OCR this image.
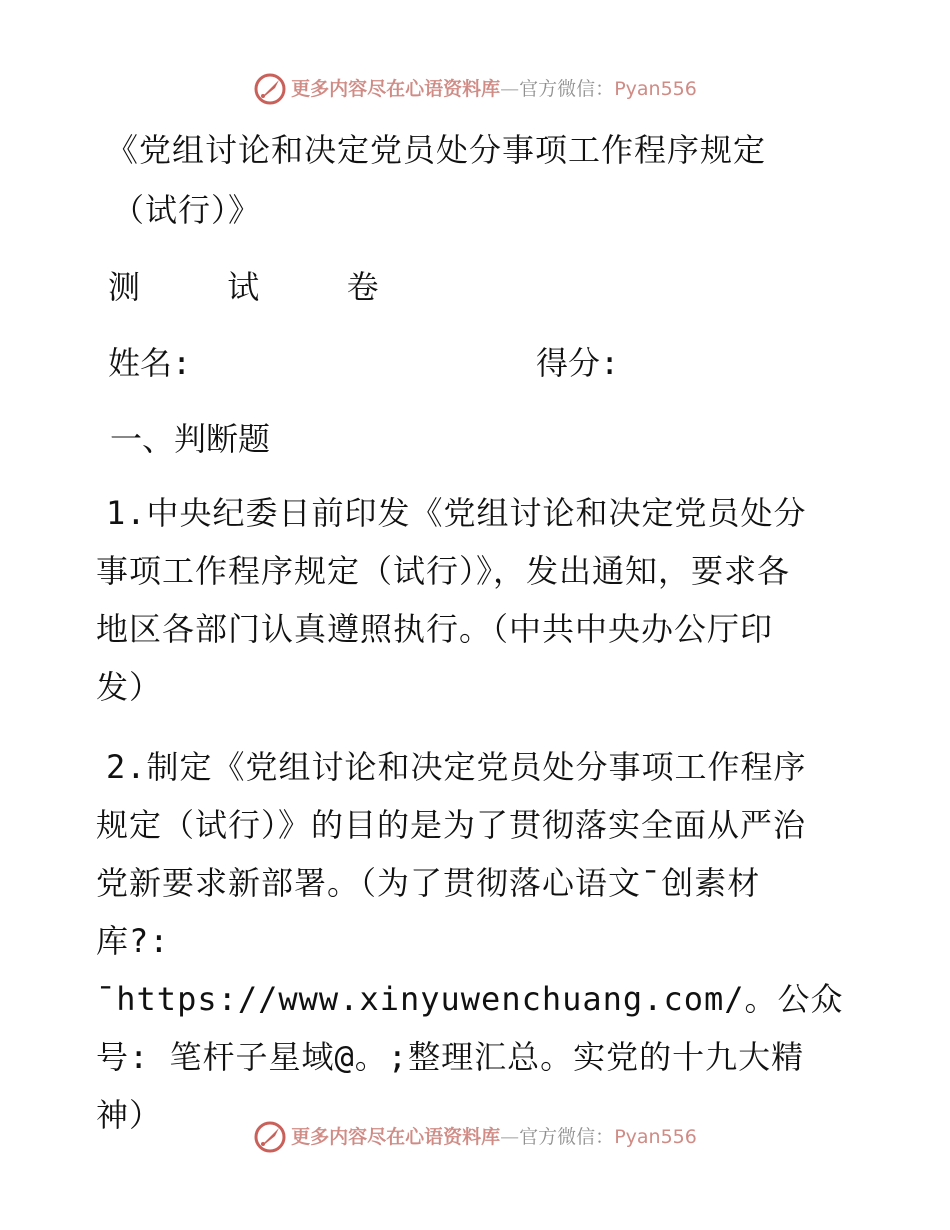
更多内容尽在心语资料库 — 官方微信： Pyan556
《党组讨论和决定党员处分事项工作程序规定
（试行）》
测	试	卷
姓名:	得分:
一、判断题
1.中央纪委日前印发《党组讨论和决定党员处分
事项工作程序规定（试行）》，发出通知，要求各
地区各部门认真遵照执行。（中共中央办公厅印
发）
2.制定《党组讨论和决定党员处分事项工作程序
规定（试行）》的目的是为了贯彻落实全面从严治
党新要求新部署。（为了贯彻落心语文¯创素材
库?: ¯https://www.xinyuwenchuang.com/。公众
号: 笔杆子星域@。;整理汇总。实党的十九大精
神）
更多内容尽在心语资料库 — 官方微信： Pyan556
